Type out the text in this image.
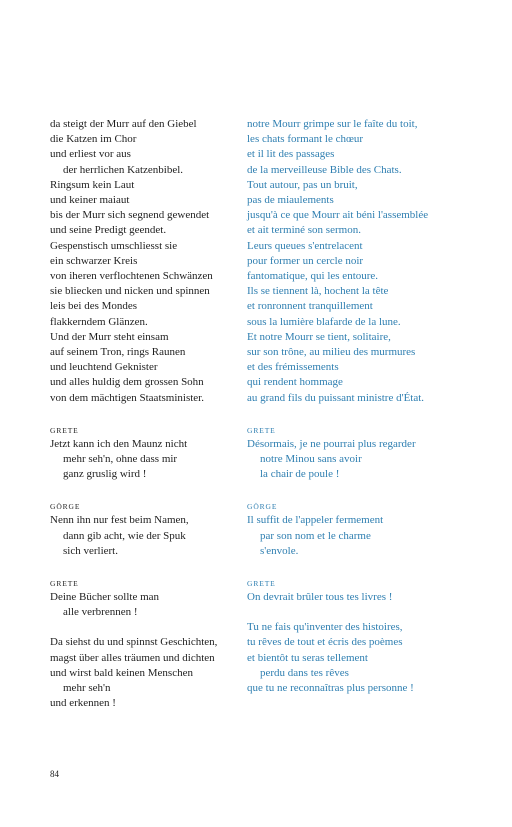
da steigt der Murr auf den Giebel
die Katzen im Chor
und erliest vor aus
der herrlichen Katzenbibel.
Ringsum kein Laut
und keiner maiaut
bis der Murr sich segnend gewendet
und seine Predigt geendet.
Gespenstisch umschliesst sie
ein schwarzer Kreis
von iheren verflochtenen Schwänzen
sie bliecken und nicken und spinnen
leis bei des Mondes
flakkerndem Glänzen.
Und der Murr steht einsam
auf seinem Tron, rings Raunen
und leuchtend Geknister
und alles huldig dem grossen Sohn
von dem mächtigen Staatsminister.
GRETE
Jetzt kann ich den Maunz nicht
mehr seh'n, ohne dass mir
ganz gruslig wird !
GÖRGE
Nenn ihn nur fest beim Namen,
dann gib acht, wie der Spuk
sich verliert.
GRETE
Deine Bücher sollte man
alle verbrennen !
Da siehst du und spinnst Geschichten,
magst über alles träumen und dichten
und wirst bald keinen Menschen
mehr seh'n
und erkennen !
notre Mourr grimpe sur le faîte du toit,
les chats formant le chœur
et il lit des passages
de la merveilleuse Bible des Chats.
Tout autour, pas un bruit,
pas de miaulements
jusqu'à ce que Mourr ait béni l'assemblée
et ait terminé son sermon.
Leurs queues s'entrelacent
pour former un cercle noir
fantomatique, qui les entoure.
Ils se tiennent là, hochent la tête
et ronronnent tranquillement
sous la lumière blafarde de la lune.
Et notre Mourr se tient, solitaire,
sur son trône, au milieu des murmures
et des frémissements
qui rendent hommage
au grand fils du puissant ministre d'État.
GRETE
Désormais, je ne pourrai plus regarder
notre Minou sans avoir
la chair de poule !
GÖRGE
Il suffit de l'appeler fermement
par son nom et le charme
s'envole.
GRETE
On devrait brûler tous tes livres !
Tu ne fais qu'inventer des histoires,
tu rêves de tout et écris des poèmes
et bientôt tu seras tellement
perdu dans tes rêves
que tu ne reconnaîtras plus personne !
84
